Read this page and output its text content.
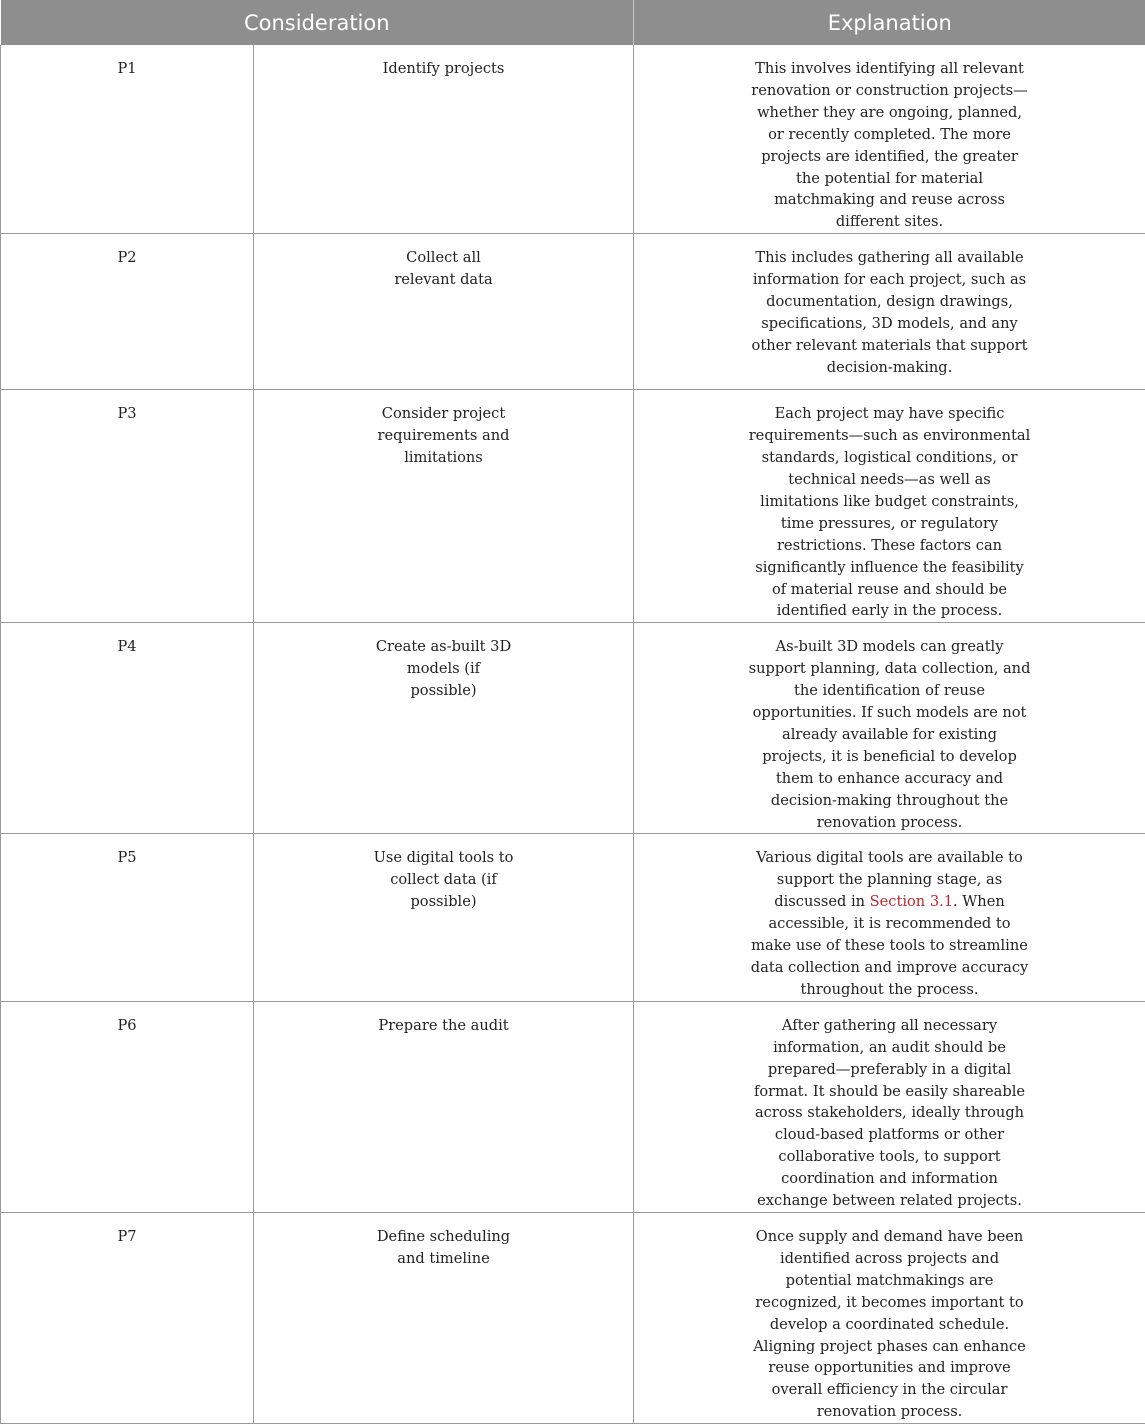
Consideration		Explanation
P1	Identify projects	This involves identifying all relevant renovation or construction projects—whether they are ongoing, planned, or recently completed. The more projects are identified, the greater the potential for material matchmaking and reuse across different sites.

P2	Collect all relevant data	This includes gathering all available information for each project, such as documentation, design drawings, specifications, 3D models, and any other relevant materials that support decision-making.

P3	Consider project requirements and limitations	Each project may have specific requirements—such as environmental standards, logistical conditions, or technical needs—as well as limitations like budget constraints, time pressures, or regulatory restrictions. These factors can significantly influence the feasibility of material reuse and should be identified early in the process.

P4	Create as-built 3D models (if possible)	As-built 3D models can greatly support planning, data collection, and the identification of reuse opportunities. If such models are not already available for existing projects, it is beneficial to develop them to enhance accuracy and decision-making throughout the renovation process.

P5	Use digital tools to collect data (if possible)	Various digital tools are available to support the planning stage, as discussed in Section 3.1. When accessible, it is recommended to make use of these tools to streamline data collection and improve accuracy throughout the process.

P6	Prepare the audit	After gathering all necessary information, an audit should be prepared—preferably in a digital format. It should be easily shareable across stakeholders, ideally through cloud-based platforms or other collaborative tools, to support coordination and information exchange between related projects.

P7	Define scheduling and timeline	Once supply and demand have been identified across projects and potential matchmakings are recognized, it becomes important to develop a coordinated schedule. Aligning project phases can enhance reuse opportunities and improve overall efficiency in the circular renovation process.
